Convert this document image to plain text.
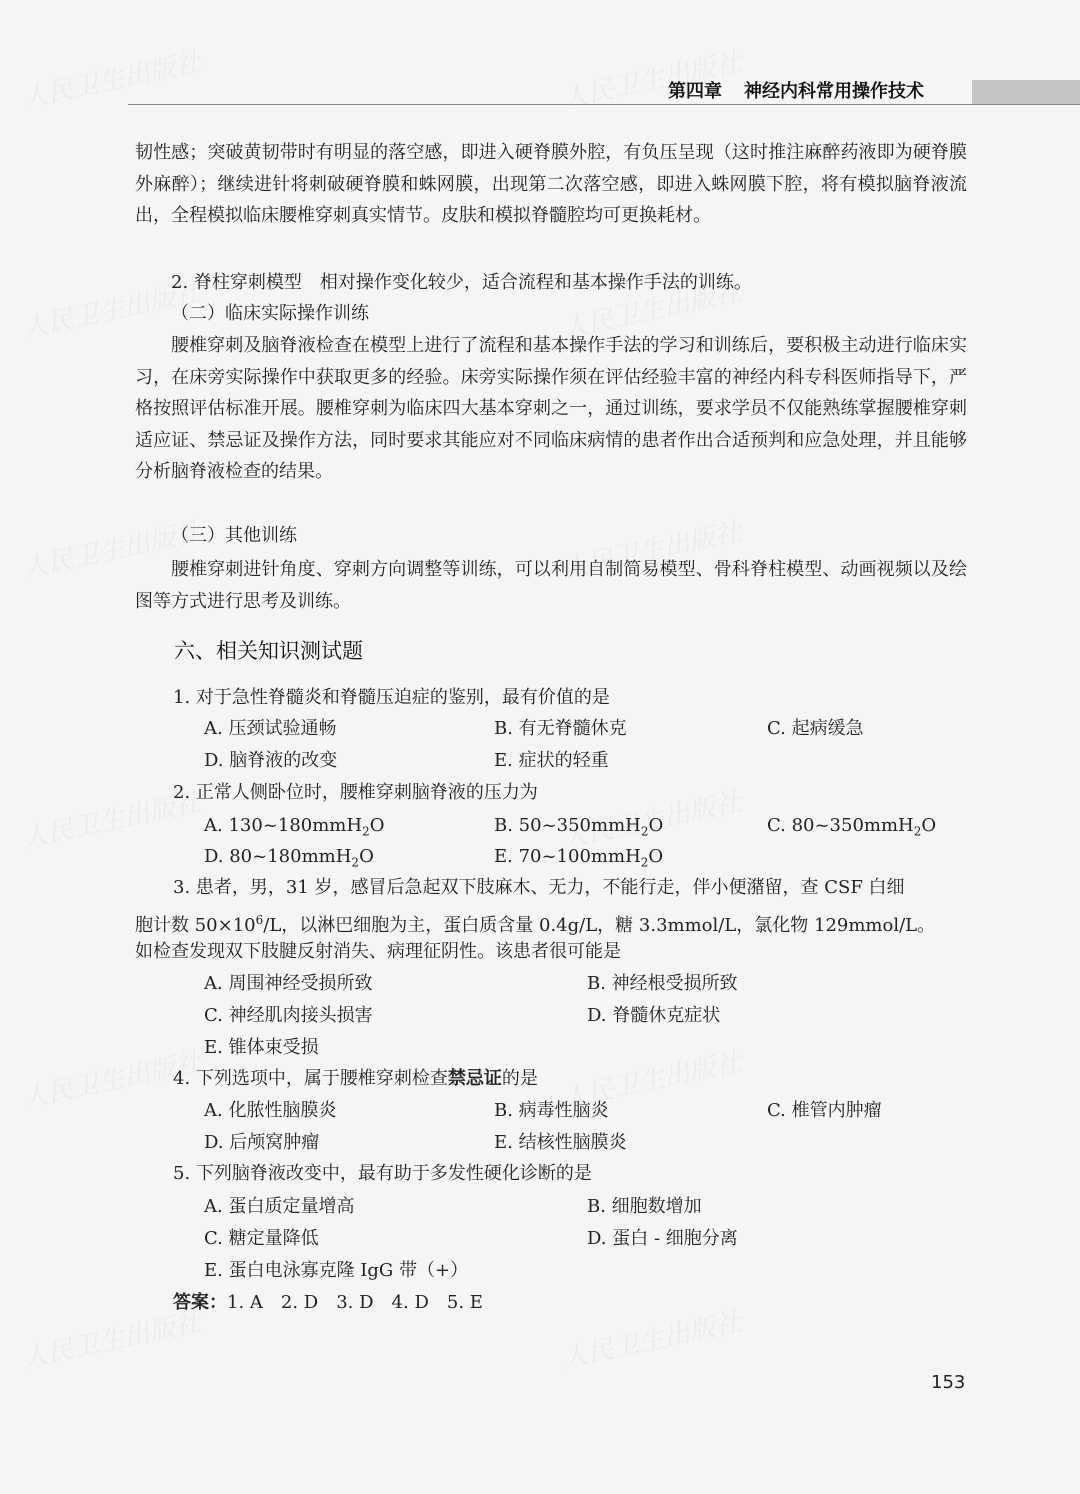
第四章 神经内科常用操作技术
韧性感；突破黄韧带时有明显的落空感，即进入硬脊膜外腔，有负压呈现（这时推注麻醉药液即为硬脊膜外麻醉）；继续进针将刺破硬脊膜和蛛网膜，出现第二次落空感，即进入蛛网膜下腔，将有模拟脑脊液流出，全程模拟临床腰椎穿刺真实情节。皮肤和模拟脊髓腔均可更换耗材。
2. 脊柱穿刺模型　相对操作变化较少，适合流程和基本操作手法的训练。
（二）临床实际操作训练
腰椎穿刺及脑脊液检查在模型上进行了流程和基本操作手法的学习和训练后，要积极主动进行临床实习，在床旁实际操作中获取更多的经验。床旁实际操作须在评估经验丰富的神经内科专科医师指导下，严格按照评估标准开展。腰椎穿刺为临床四大基本穿刺之一，通过训练，要求学员不仅能熟练掌握腰椎穿刺适应证、禁忌证及操作方法，同时要求其能应对不同临床病情的患者作出合适预判和应急处理，并且能够分析脑脊液检查的结果。
（三）其他训练
腰椎穿刺进针角度、穿刺方向调整等训练，可以利用自制简易模型、骨科脊柱模型、动画视频以及绘图等方式进行思考及训练。
六、相关知识测试题
1. 对于急性脊髓炎和脊髓压迫症的鉴别，最有价值的是
A. 压颈试验通畅	B. 有无脊髓休克	C. 起病缓急
D. 脑脊液的改变	E. 症状的轻重
2. 正常人侧卧位时，腰椎穿刺脑脊液的压力为
A. 130~180mmH$_2$O	B. 50~350mmH$_2$O	C. 80~350mmH$_2$O
D. 80~180mmH$_2$O	E. 70~100mmH$_2$O
3. 患者，男，31 岁，感冒后急起双下肢麻木、无力，不能行走，伴小便潴留，查 CSF 白细
胞计数 $50\times 10^6/L$，以淋巴细胞为主，蛋白质含量 0.4g/L，糖 3.3mmol/L，氯化物 129mmol/L。
如检查发现双下肢腱反射消失、病理征阴性。该患者很可能是
A. 周围神经受损所致	B. 神经根受损所致
C. 神经肌肉接头损害	D. 脊髓休克症状
E. 锥体束受损
4. 下列选项中，属于腰椎穿刺检查禁忌证的是
A. 化脓性脑膜炎	B. 病毒性脑炎	C. 椎管内肿瘤
D. 后颅窝肿瘤	E. 结核性脑膜炎
5. 下列脑脊液改变中，最有助于多发性硬化诊断的是
A. 蛋白质定量增高	B. 细胞数增加
C. 糖定量降低	D. 蛋白 - 细胞分离
E. 蛋白电泳寡克隆 IgG 带（+）
答案：1. A　2. D　3. D　4. D　5. E
153
